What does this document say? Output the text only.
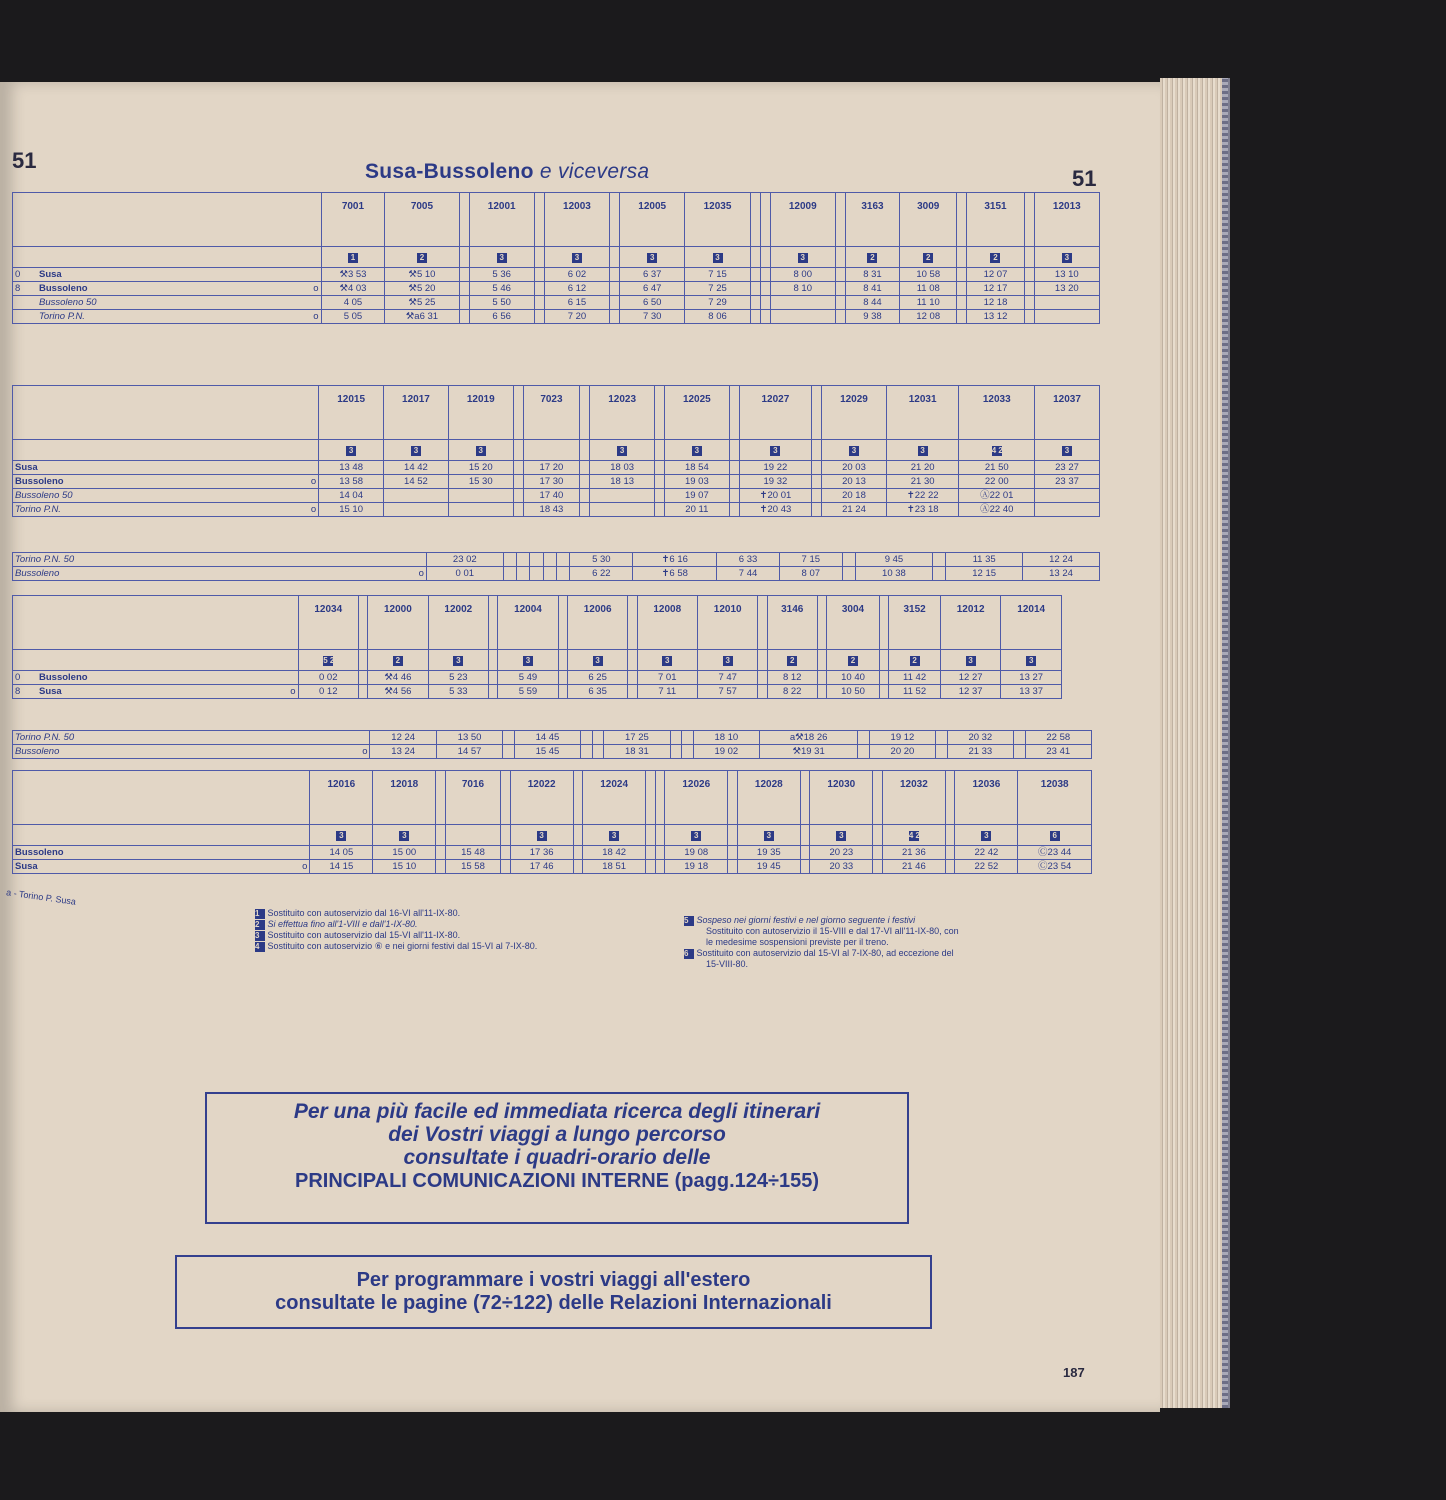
51
51
Susa-Bussoleno e viceversa
	7001	7005		12001		12003		12005	12035			12009		3163	3009		3151		12013
	1	2		3		3		3	3			3		2	2		2		3
0 Susa	⚒3 53	⚒5 10		5 36		6 02		6 37	7 15			8 00		8 31	10 58		12 07		13 10
8 Bussoleno o	⚒4 03	⚒5 20		5 46		6 12		6 47	7 25			8 10		8 41	11 08		12 17		13 20
Bussoleno 50	4 05	⚒5 25		5 50		6 15		6 50	7 29					8 44	11 10		12 18		
Torino P.N. o	5 05	⚒a6 31		6 56		7 20		7 30	8 06					9 38	12 08		13 12		
	12015	12017	12019		7023		12023		12025		12027		12029	12031	12033	12037
	3	3	3				3		3		3		3	3	4 2	3
Susa	13 48	14 42	15 20		17 20		18 03		18 54		19 22		20 03	21 20	21 50	23 27
Bussoleno o	13 58	14 52	15 30		17 30		18 13		19 03		19 32		20 13	21 30	22 00	23 37
Bussoleno 50	14 04				17 40				19 07		✝20 01		20 18	✝22 22	Ⓐ22 01	
Torino P.N. o	15 10				18 43				20 11		✝20 43		21 24	✝23 18	Ⓐ22 40	
Torino P.N. 50	23 02						5 30	✝6 16	6 33	7 15		9 45		11 35	12 24
Bussoleno o	0 01						6 22	✝6 58	7 44	8 07		10 38		12 15	13 24
	12034		12000	12002		12004		12006		12008	12010		3146		3004		3152	12012	12014
	5 2		2	3		3		3		3	3		2		2		2	3	3
0 Bussoleno	0 02		⚒4 46	5 23		5 49		6 25		7 01	7 47		8 12		10 40		11 42	12 27	13 27
8 Susa o	0 12		⚒4 56	5 33		5 59		6 35		7 11	7 57		8 22		10 50		11 52	12 37	13 37
Torino P.N. 50	12 24	13 50		14 45			17 25			18 10	a⚒18 26		19 12		20 32		22 58
Bussoleno o	13 24	14 57		15 45			18 31			19 02	⚒19 31		20 20		21 33		23 41
	12016	12018		7016		12022		12024			12026		12028		12030		12032		12036	12038
	3	3				3		3			3		3		3		4 2		3	6
Bussoleno	14 05	15 00		15 48		17 36		18 42			19 08		19 35		20 23		21 36		22 42	Ⓒ23 44
Susa o	14 15	15 10		15 58		17 46		18 51			19 18		19 45		20 33		21 46		22 52	Ⓒ23 54
a - Torino P. Susa
1 Sostituito con autoservizio dal 16-VI all'11-IX-80.
2 Si effettua fino all'1-VIII e dall'1-IX-80.
3 Sostituito con autoservizio dal 15-VI all'11-IX-80.
4 Sostituito con autoservizio ⑥ e nei giorni festivi dal 15-VI al 7-IX-80.
5 Sospeso nei giorni festivi e nel giorno seguente i festivi
Sostituito con autoservizio il 15-VIII e dal 17-VI all'11-IX-80, con
le medesime sospensioni previste per il treno.
6 Sostituito con autoservizio dal 15-VI al 7-IX-80, ad eccezione del
15-VIII-80.
Per una più facile ed immediata ricerca degli itinerari
dei Vostri viaggi a lungo percorso
consultate i quadri-orario delle
PRINCIPALI COMUNICAZIONI INTERNE (pagg.124÷155)
Per programmare i vostri viaggi all'estero
consultate le pagine (72÷122) delle Relazioni Internazionali
187
